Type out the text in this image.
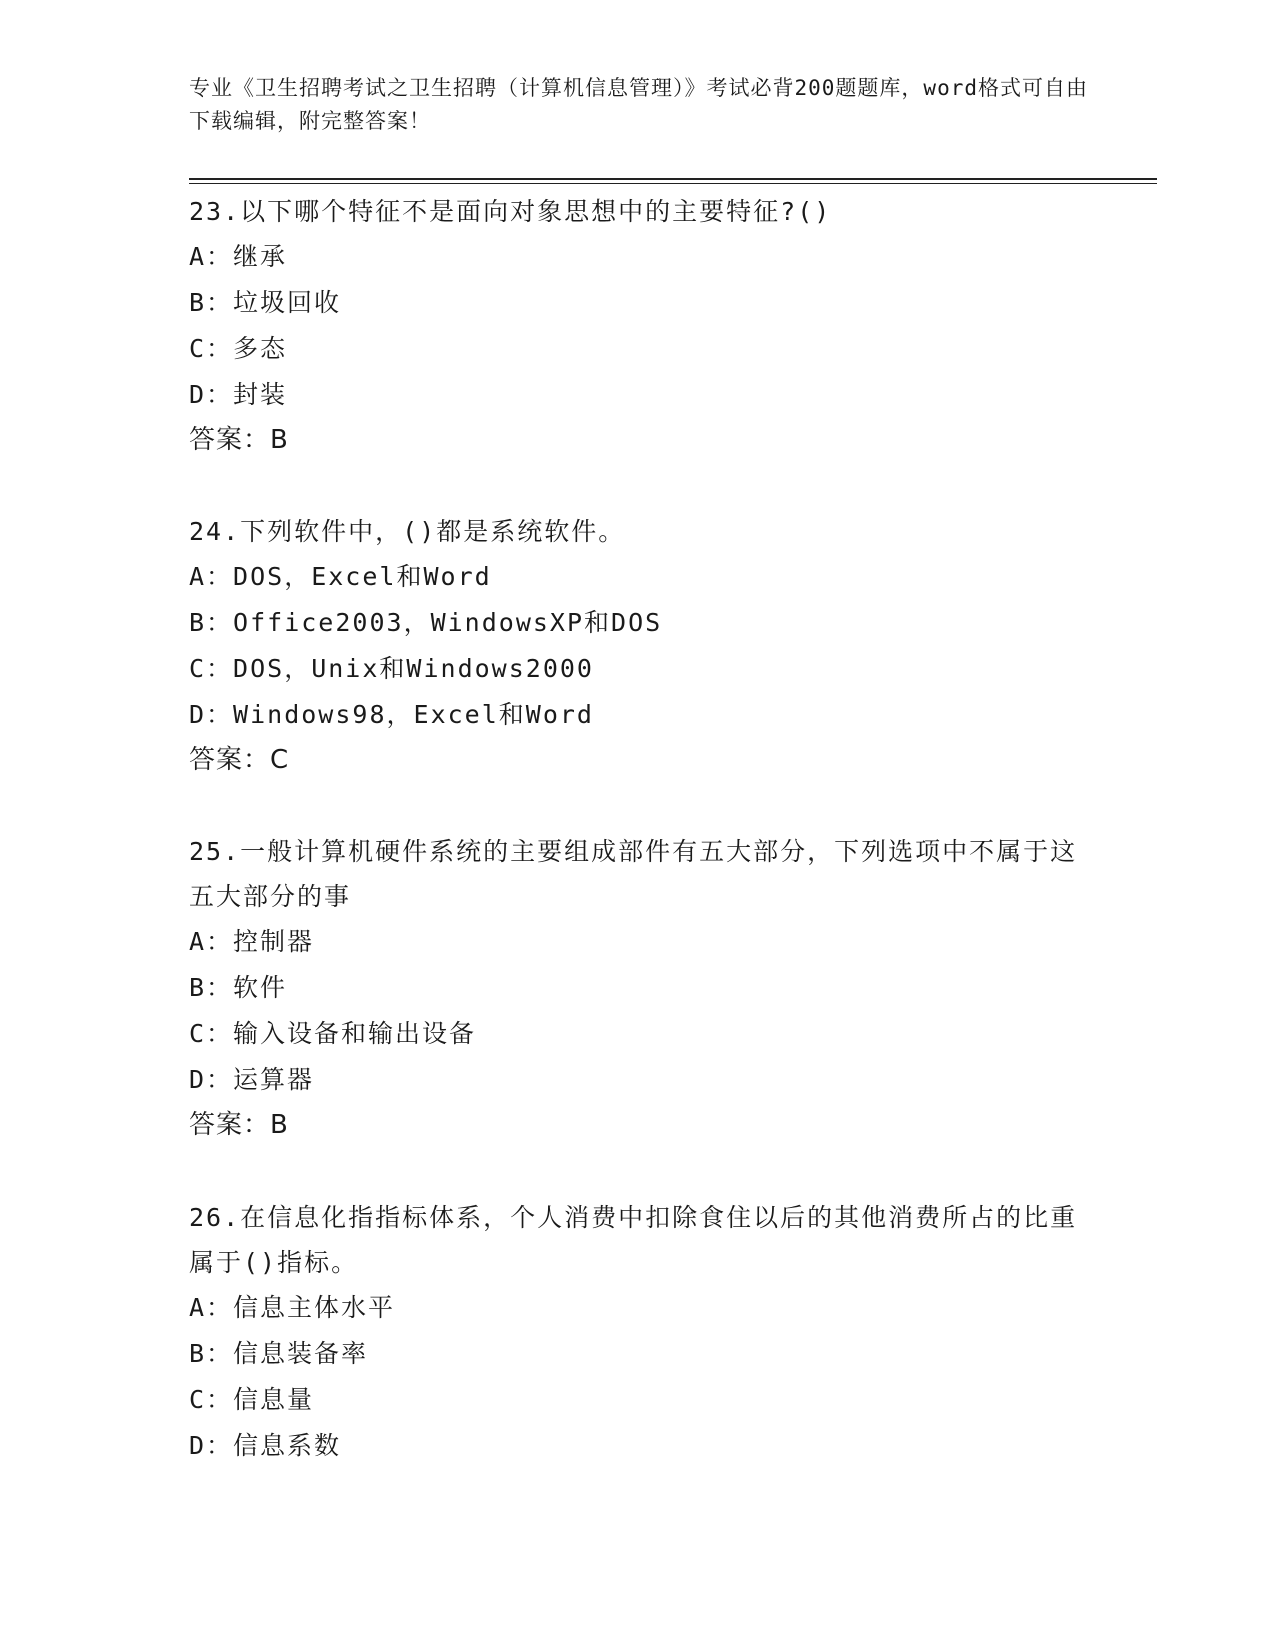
专业《卫生招聘考试之卫生招聘（计算机信息管理）》考试必背200题题库，word格式可自由下载编辑，附完整答案！

23.以下哪个特征不是面向对象思想中的主要特征?()

A：继承

B：垃圾回收

C：多态

D：封装

答案：B

24.下列软件中，()都是系统软件。

A：DOS，Excel和Word

B：Office2003，WindowsXP和DOS

C：DOS，Unix和Windows2000

D：Windows98，Excel和Word

答案：C

25.一般计算机硬件系统的主要组成部件有五大部分，下列选项中不属于这五大部分的事

A：控制器

B：软件

C：输入设备和输出设备

D：运算器

答案：B

26.在信息化指指标体系，个人消费中扣除食住以后的其他消费所占的比重属于()指标。

A：信息主体水平

B：信息装备率

C：信息量

D：信息系数
